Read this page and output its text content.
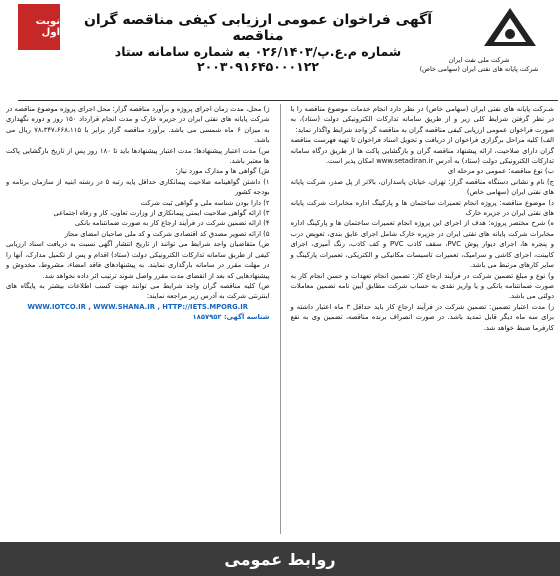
نوبت اول
آگهی فراخوان عمومی ارزیابی کیفی مناقصه گران مناقصه
شماره م.ع.پ/۰۲۶/۱۴۰۳ به شماره سامانه ستاد ۲۰۰۳۰۹۱۶۴۵۰۰۰۱۲۲	شرکت ملی نفت ایران
شرکت پایانه های نفتی ایران (سهامی خاص)

شـرکت پایانه های نفتی ایران (سهامی خاص) در نظر دارد انجام خدمات موضوع مناقصه را با در نظر گرفتن شرایط کلی زیر و از طریق سامانه تدارکات الکترونیکی دولت (ستاد)، به صورت فراخوان عمومی ارزیابی کیفی مناقصه گران به مناقصه گر واجد شرایط واگذار نماید:

الف) کلیه مراحل برگزاری فراخوان از دریافت و تحویل اسناد فراخوان تا تهیه فهرست مناقصه گران دارای صلاحیت، ارائه پیشنهاد مناقصه گران و بازگشایی پاکت ها از طریق درگاه سامانه تدارکات الکترونیکی دولت (ستاد) به آدرس www.setadiran.ir امکان پذیر است.

ب) نوع مناقصه: عمومی دو مرحله ای

ج) نام و نشانی دستگاه مناقصه گزار: تهران، خیابان پاسداران، بالاتر از پل صدر، شرکت پایانه های نفتی ایران (سهامی خاص)

د) موضوع مناقصه: پروژه انجام تعمیرات ساختمان ها و پارکینگ اداره مخابرات شرکت پایانه های نفتی ایران در جزیره خارک

ه) شرح مختصر پروژه: هدف از اجرای این پروژه انجام تعمیرات ساختمان ها و پارکینگ اداره مخابرات شرکت پایانه های نفتی ایران در جزیره خارک شامل اجرای عایق بندی، تعویض درب و پنجره ها، اجرای دیوار پوش PVC، سقف کاذب PVC و کف کاذب، رنگ آمیزی، اجرای کابینت، اجرای کاشی و سرامیک، تعمیرات تاسیسات مکانیکی و الکتریکی، تعمیرات پارکینگ و سایر کارهای مرتبط می باشد.

و) نوع و مبلغ تضمین شرکت در فرآیند ارجاع کار: تضمین انجام تعهدات و حسن انجام کار به صورت ضمانتنامه بانکی و یا واریز نقدی به حساب شرکت مطابق آیین نامه تضمین معاملات دولتی می باشد.

ز) مدت اعتبار تضمین: تضمین شرکت در فرآیند ارجاع کار باید حداقل ۳ ماه اعتبار داشته و برای سه ماه دیگر قابل تمدید باشد. در صورت انصراف برنده مناقصه، تضمین وی به نفع کارفرما ضبط خواهد شد.

ژ) محل، مدت زمان اجرای پروژه و برآورد مناقصه گزار: محل اجرای پروژه موضوع مناقصه در شرکت پایانه های نفتی ایران در جزیره خارک و مدت انجام قرارداد ۱۵۰ روز و دوره نگهداری به میزان ۶ ماه شمسی می باشد. برآورد مناقصه گزار برابر با ۷۸،۳۴۷،۶۶۸،۱۱۵ ریال می باشد.

س) مدت اعتبار پیشنهادها: مدت اعتبار پیشنهادها باید تا ۱۸۰ روز پس از تاریخ بازگشایی پاکت ها معتبر باشد.

ش) گواهی ها و مدارک مورد نیاز:

۱) داشتن گواهینامه صلاحیت پیمانکاری حداقل پایه رتبه ۵ در رشته ابنیه از سازمان برنامه و بودجه کشور

۲) دارا بودن شناسه ملی و گواهی ثبت شرکت

۳) ارائه گواهی صلاحیت ایمنی پیمانکاری از وزارت تعاون، کار و رفاه اجتماعی

۴) ارائه تضمین شرکت در فرآیند ارجاع کار به صورت ضمانتنامه بانکی

۵) ارائه تصویر مصدق کد اقتصادی شرکت و کد ملی صاحبان امضای مجاز

ص) متقاضیان واجد شرایط می توانند از تاریخ انتشار آگهی نسبت به دریافت اسناد ارزیابی کیفی از طریق سامانه تدارکات الکترونیکی دولت (ستاد) اقدام و پس از تکمیل مدارک، آنها را در مهلت مقرر در سامانه بارگذاری نمایند. به پیشنهادهای فاقد امضاء، مشروط، مخدوش و پیشنهادهایی که بعد از انقضای مدت مقرر واصل شوند ترتیب اثر داده نخواهد شد.

ض) کلیه مناقصه گران واجد شرایط می توانند جهت کسب اطلاعات بیشتر به پایگاه های اینترنتی شرکت به آدرس زیر مراجعه نمایند:

WWW.IOTCO.IR , WWW.SHANA.IR , HTTP://IETS.MPORG.IR

شناسه آگهی: ۱۸۵۷۹۵۲

روابط عمومی
